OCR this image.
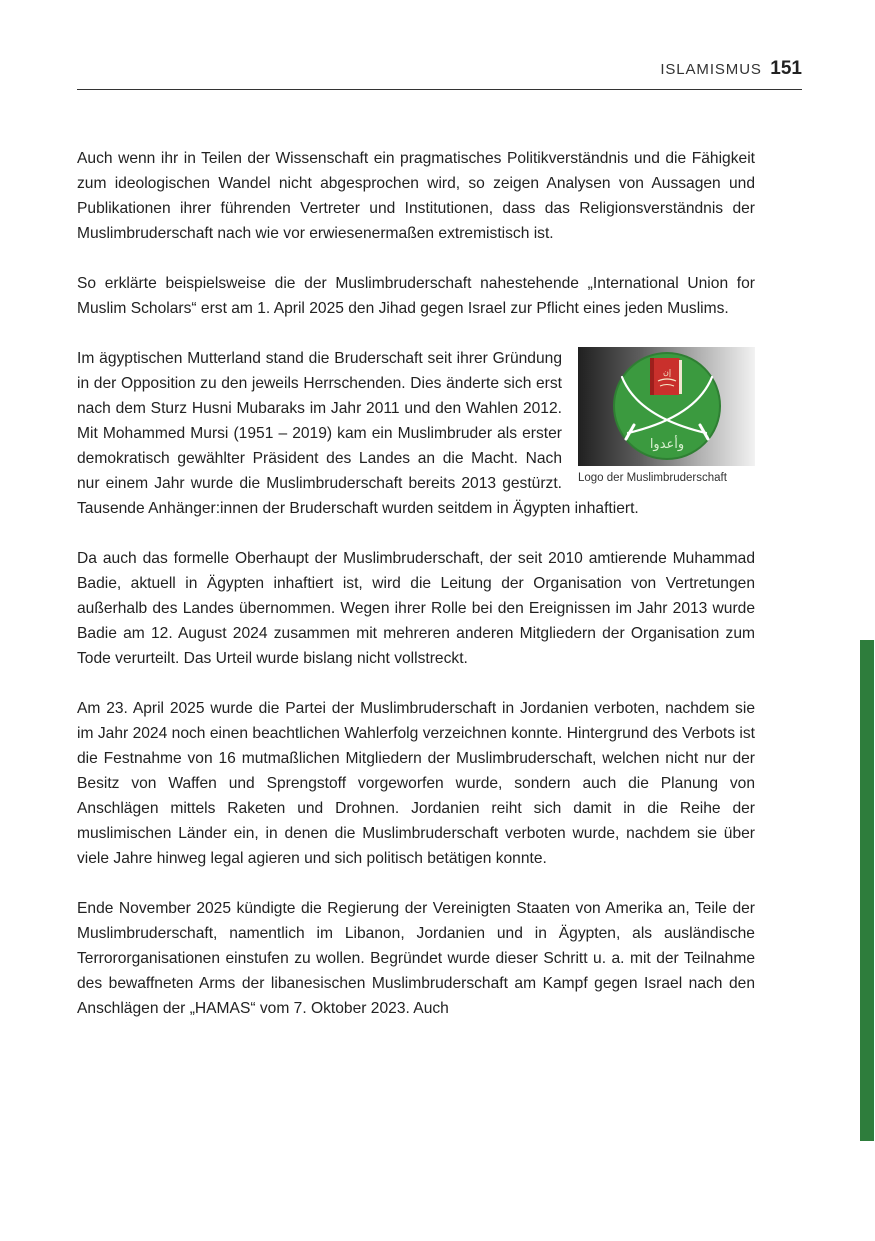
ISLAMISMUS 151

Auch wenn ihr in Teilen der Wissenschaft ein pragmatisches Politikverständnis und die Fähigkeit zum ideologischen Wandel nicht abgesprochen wird, so zeigen Analysen von Aussagen und Publikationen ihrer führenden Vertreter und Institutionen, dass das Religionsverständnis der Muslimbruderschaft nach wie vor erwiesenermaßen extremistisch ist.

So erklärte beispielsweise die der Muslimbruderschaft nahestehende „International Union for Muslim Scholars“ erst am 1. April 2025 den Jihad gegen Israel zur Pflicht eines jeden Muslims.

إن
وأعدوا
Logo der Muslimbruderschaft

Im ägyptischen Mutterland stand die Bruderschaft seit ihrer Gründung in der Opposition zu den jeweils Herrschenden. Dies änderte sich erst nach dem Sturz Husni Mubaraks im Jahr 2011 und den Wahlen 2012. Mit Mohammed Mursi (1951 – 2019) kam ein Muslimbruder als erster demokratisch gewählter Präsident des Landes an die Macht. Nach nur einem Jahr wurde die Muslimbruderschaft bereits 2013 gestürzt. Tausende Anhänger:innen der Bruderschaft wurden seitdem in Ägypten inhaftiert.

Da auch das formelle Oberhaupt der Muslimbruderschaft, der seit 2010 amtierende Muhammad Badie, aktuell in Ägypten inhaftiert ist, wird die Leitung der Organisation von Vertretungen außerhalb des Landes übernommen. Wegen ihrer Rolle bei den Ereignissen im Jahr 2013 wurde Badie am 12. August 2024 zusammen mit mehreren anderen Mitgliedern der Organisation zum Tode verurteilt. Das Urteil wurde bislang nicht vollstreckt.

Am 23. April 2025 wurde die Partei der Muslimbruderschaft in Jordanien verboten, nachdem sie im Jahr 2024 noch einen beachtlichen Wahlerfolg verzeichnen konnte. Hintergrund des Verbots ist die Festnahme von 16 mutmaßlichen Mitgliedern der Muslimbruderschaft, welchen nicht nur der Besitz von Waffen und Sprengstoff vorgeworfen wurde, sondern auch die Planung von Anschlägen mittels Raketen und Drohnen. Jordanien reiht sich damit in die Reihe der muslimischen Länder ein, in denen die Muslimbruderschaft verboten wurde, nachdem sie über viele Jahre hinweg legal agieren und sich politisch betätigen konnte.

Ende November 2025 kündigte die Regierung der Vereinigten Staaten von Amerika an, Teile der Muslimbruderschaft, namentlich im Libanon, Jordanien und in Ägypten, als ausländische Terrororganisationen einstufen zu wollen. Begründet wurde dieser Schritt u. a. mit der Teilnahme des bewaffneten Arms der libanesischen Muslimbruderschaft am Kampf gegen Israel nach den Anschlägen der „HAMAS“ vom 7. Oktober 2023. Auch
